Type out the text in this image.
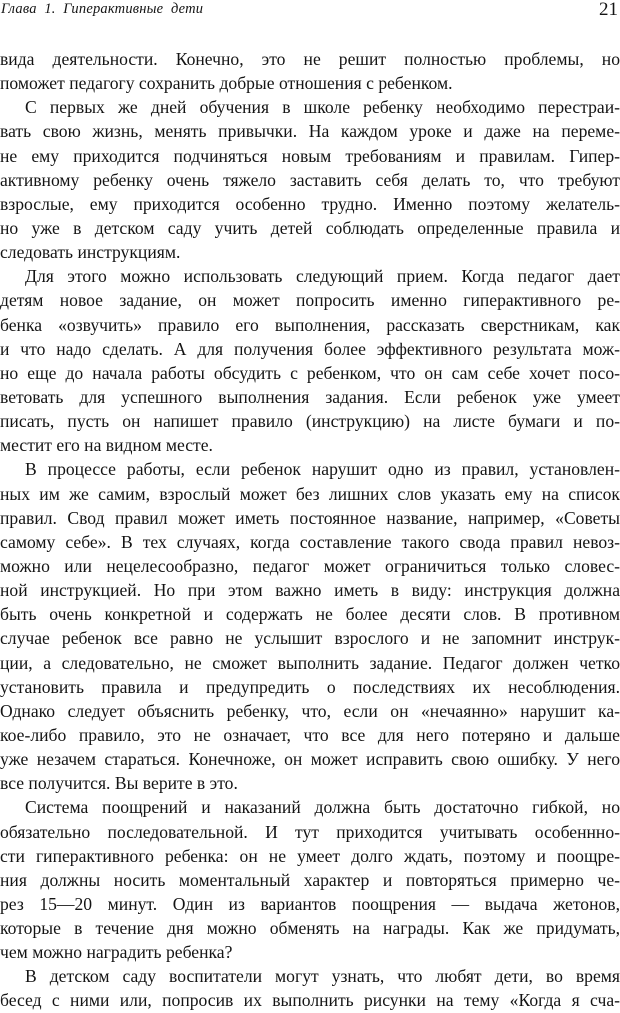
Глава  1.  Гиперактивные  дети	21
вида деятельности. Конечно, это не решит полностью проблемы, но
поможет педагогу сохранить добрые отношения с ребенком.
С первых же дней обучения в школе ребенку необходимо перестраи-
вать свою жизнь, менять привычки. На каждом уроке и даже на переме-
не ему приходится подчиняться новым требованиям и правилам. Гипер-
активному ребенку очень тяжело заставить себя делать то, что требуют
взрослые, ему приходится особенно трудно. Именно поэтому желатель-
но уже в детском саду учить детей соблюдать определенные правила и
следовать инструкциям.
Для этого можно использовать следующий прием. Когда педагог дает
детям новое задание, он может попросить именно гиперактивного ре-
бенка «озвучить» правило его выполнения, рассказать сверстникам, как
и что надо сделать. А для получения более эффективного результата мож-
но еще до начала работы обсудить с ребенком, что он сам себе хочет посо-
ветовать для успешного выполнения задания. Если ребенок уже умеет
писать, пусть он напишет правило (инструкцию) на листе бумаги и по-
местит его на видном месте.
В процессе работы, если ребенок нарушит одно из правил, установлен-
ных им же самим, взрослый может без лишних слов указать ему на список
правил. Свод правил может иметь постоянное название, например, «Советы
самому себе». В тех случаях, когда составление такого свода правил невоз-
можно или нецелесообразно, педагог может ограничиться только словес-
ной инструкцией. Но при этом важно иметь в виду: инструкция должна
быть очень конкретной и содержать не более десяти слов. В противном
случае ребенок все равно не услышит взрослого и не запомнит инструк-
ции, а следовательно, не сможет выполнить задание. Педагог должен четко
установить правила и предупредить о последствиях их несоблюдения.
Однако следует объяснить ребенку, что, если он «нечаянно» нарушит ка-
кое-либо правило, это не означает, что все для него потеряно и дальше
уже незачем стараться. Конечноже, он может исправить свою ошибку. У него
все получится. Вы верите в это.
Система поощрений и наказаний должна быть достаточно гибкой, но
обязательно последовательной. И тут приходится учитывать особеннно-
сти гиперактивного ребенка: он не умеет долго ждать, поэтому и поощре-
ния должны носить моментальный характер и повторяться примерно че-
рез 15—20 минут. Один из вариантов поощрения — выдача жетонов,
которые в течение дня можно обменять на награды. Как же придумать,
чем можно наградить ребенка?
В детском саду воспитатели могут узнать, что любят дети, во время
бесед с ними или, попросив их выполнить рисунки на тему «Когда я сча-
